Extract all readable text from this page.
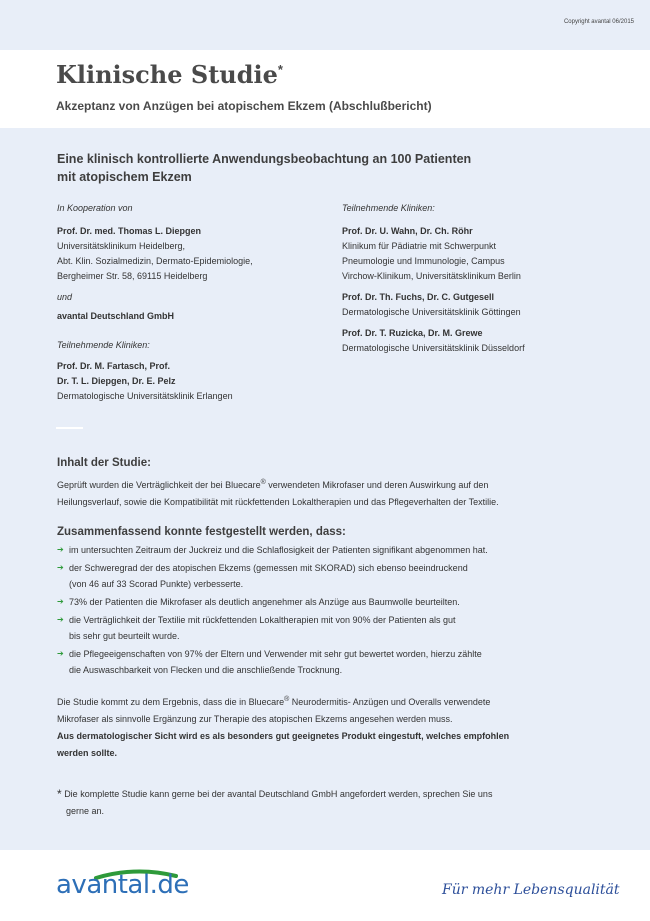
Copyright avantal 06/2015
Klinische Studie*
Akzeptanz von Anzügen bei atopischem Ekzem (Abschlußbericht)
Eine klinisch kontrollierte Anwendungsbeobachtung an 100 Patienten
mit atopischem Ekzem
In Kooperation von
Prof. Dr. med. Thomas L. Diepgen
Universitätsklinikum Heidelberg,
Abt. Klin. Sozialmedizin, Dermato-Epidemiologie,
Bergheimer Str. 58, 69115 Heidelberg
und
avantal Deutschland GmbH
Teilnehmende Kliniken:
Prof. Dr. M. Fartasch, Prof.
Dr. T. L. Diepgen, Dr. E. Pelz
Dermatologische Universitätsklinik Erlangen
Teilnehmende Kliniken:
Prof. Dr. U. Wahn, Dr. Ch. Röhr
Klinikum für Pädiatrie mit Schwerpunkt
Pneumologie und Immunologie, Campus
Virchow-Klinikum, Universitätsklinikum Berlin
Prof. Dr. Th. Fuchs, Dr. C. Gutgesell
Dermatologische Universitätsklinik Göttingen
Prof. Dr. T. Ruzicka, Dr. M. Grewe
Dermatologische Universitätsklinik Düsseldorf
Inhalt der Studie:
Geprüft wurden die Verträglichkeit der bei Bluecare® verwendeten Mikrofaser und deren Auswirkung auf den
Heilungsverlauf, sowie die Kompatibilität mit rückfettenden Lokaltherapien und das Pflegeverhalten der Textilie.
Zusammenfassend konnte festgestellt werden, dass:
➔ im untersuchten Zeitraum der Juckreiz und die Schlaflosigkeit der Patienten signifikant abgenommen hat.
➔ der Schweregrad der des atopischen Ekzems (gemessen mit SKORAD) sich ebenso beeindruckend
(von 46 auf 33 Scorad Punkte) verbesserte.
➔ 73% der Patienten die Mikrofaser als deutlich angenehmer als Anzüge aus Baumwolle beurteilten.
➔ die Verträglichkeit der Textilie mit rückfettenden Lokaltherapien mit von 90% der Patienten als gut
bis sehr gut beurteilt wurde.
➔ die Pflegeeigenschaften von 97% der Eltern und Verwender mit sehr gut bewertet worden, hierzu zählte
die Auswaschbarkeit von Flecken und die anschließende Trocknung.
Die Studie kommt zu dem Ergebnis, dass die in Bluecare® Neurodermitis- Anzügen und Overalls verwendete
Mikrofaser als sinnvolle Ergänzung zur Therapie des atopischen Ekzems angesehen werden muss.
Aus dermatologischer Sicht wird es als besonders gut geeignetes Produkt eingestuft, welches empfohlen
werden sollte.
* Die komplette Studie kann gerne bei der avantal Deutschland GmbH angefordert werden, sprechen Sie uns
gerne an.
avantal.de	Für mehr Lebensqualität
